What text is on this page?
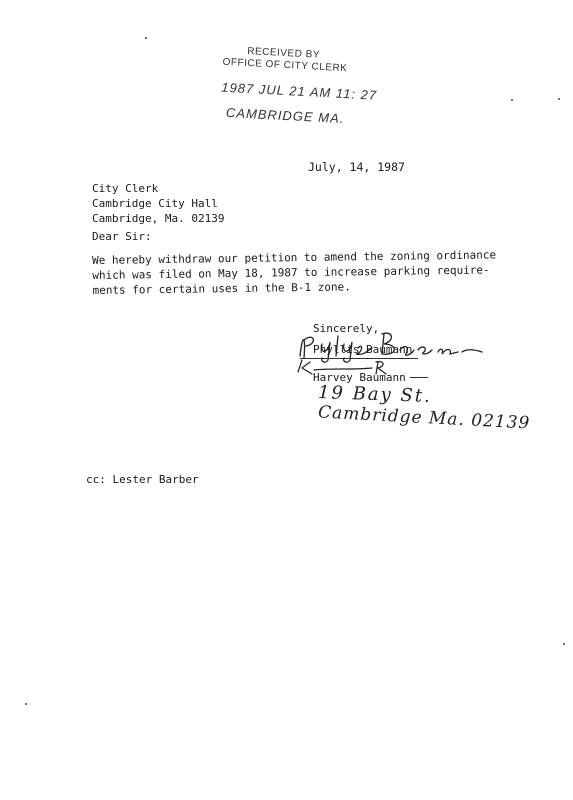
RECEIVED BY
OFFICE OF CITY CLERK
1987 JUL 21 AM 11: 27
CAMBRIDGE MA.
July, 14, 1987
City Clerk
Cambridge City Hall
Cambridge, Ma. 02139
Dear Sir:
We hereby withdraw our petition to amend the zoning ordinance
which was filed on May 18, 1987 to increase parking require-
ments for certain uses in the B-1 zone.
Sincerely,
Phyllis Baumann
Harvey Baumann
19 Bay St.
Cambridge Ma. 02139
cc: Lester Barber
